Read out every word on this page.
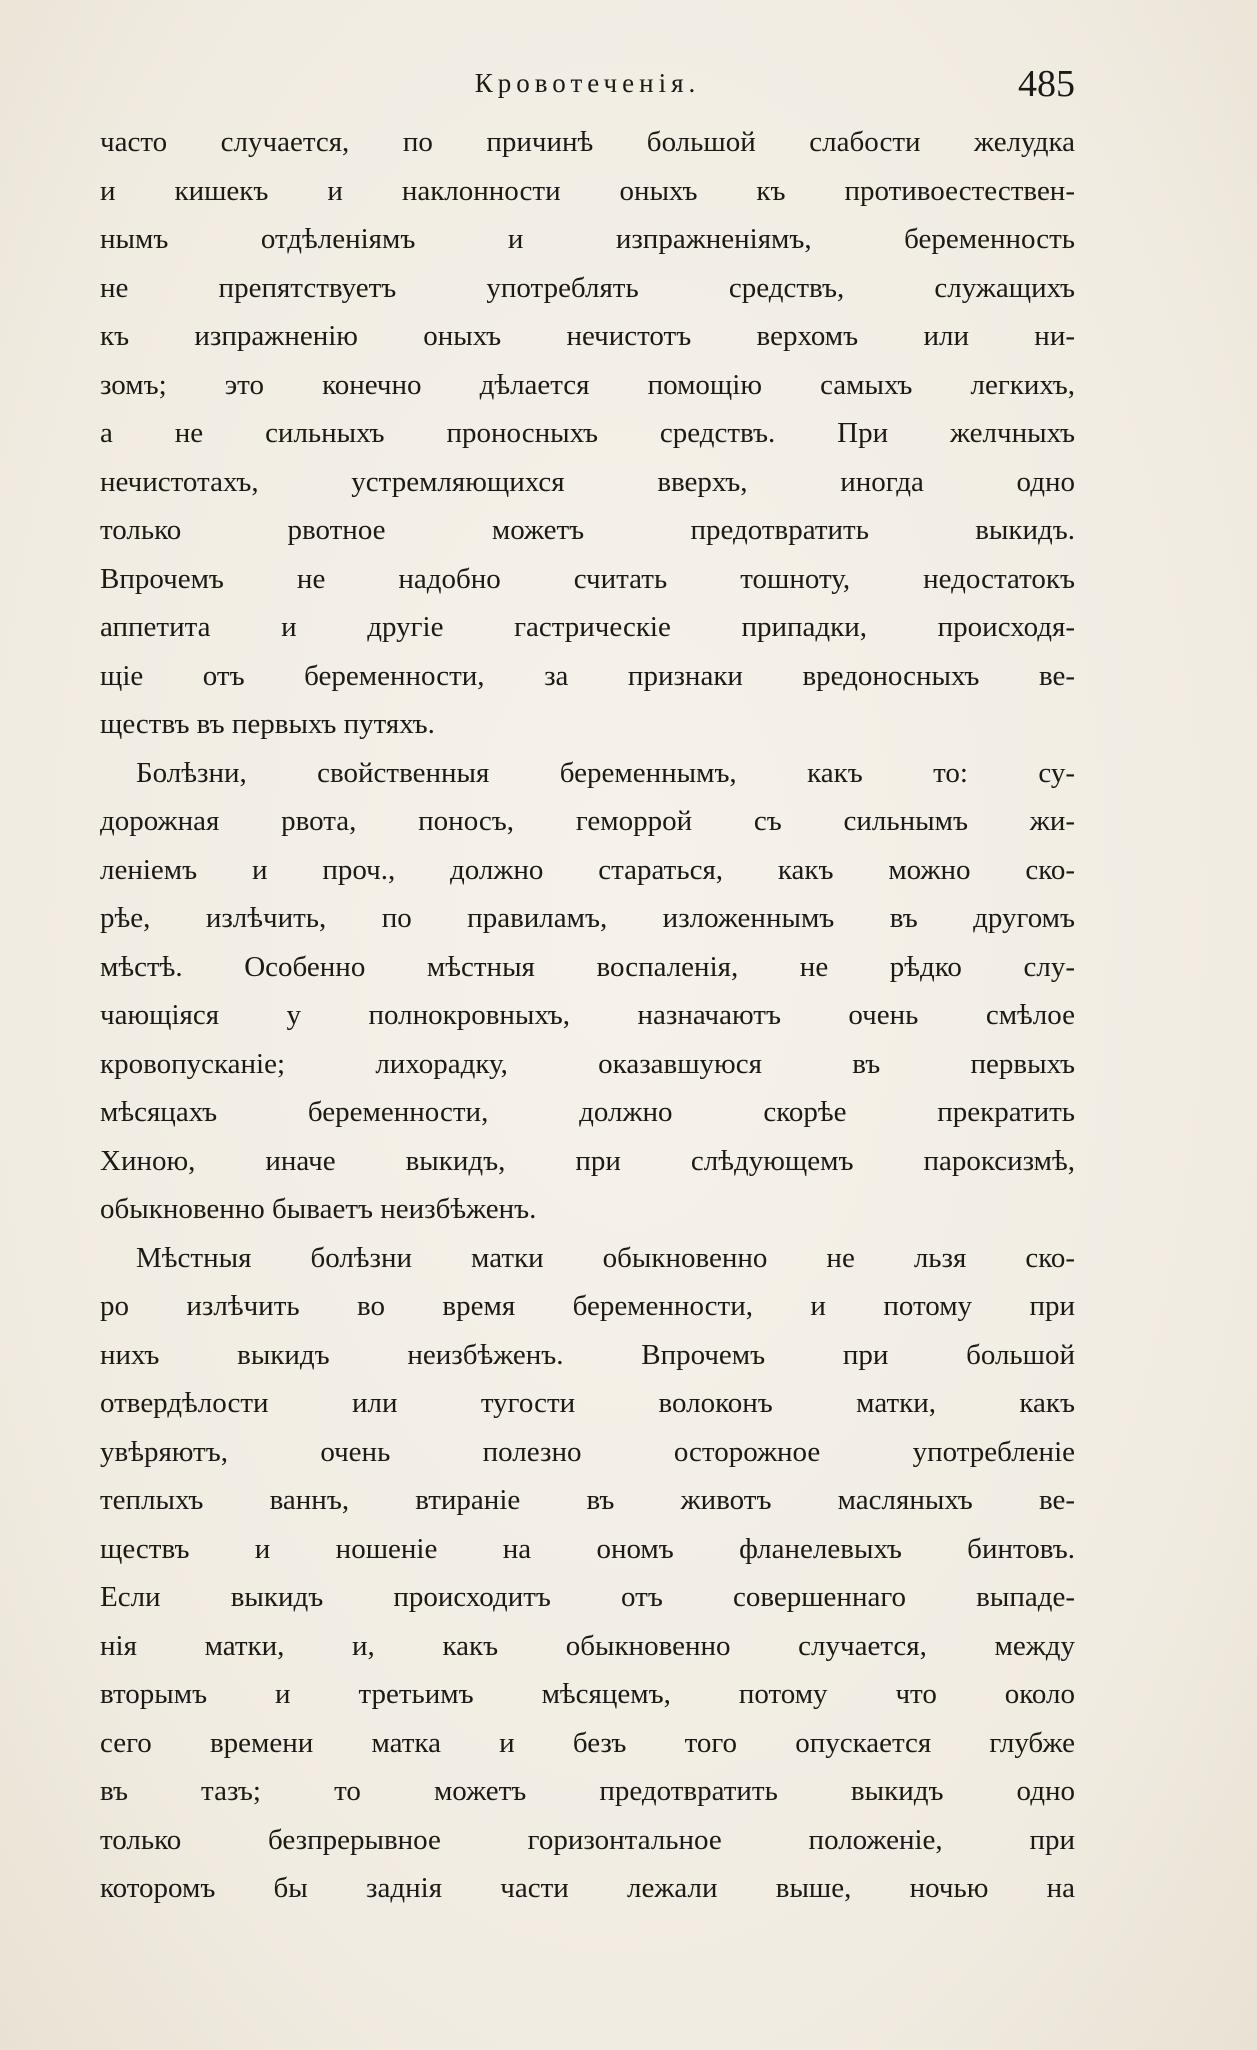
Кровотеченія.	485
часто случается, по причинѣ большой слабости желудка
и кишекъ и наклонности оныхъ къ противоестествен-
нымъ отдѣленіямъ и изпражненіямъ, беременность
не препятствуетъ употреблять средствъ, служащихъ
къ изпражненію оныхъ нечистотъ верхомъ или ни-
зомъ; это конечно дѣлается помощію самыхъ легкихъ,
а не сильныхъ проносныхъ средствъ. При желчныхъ
нечистотахъ, устремляющихся вверхъ, иногда одно
только рвотное можетъ предотвратить выкидъ.
Впрочемъ не надобно считать тошноту, недостатокъ
аппетита и другіе гастрическіе припадки, происходя-
щіе отъ беременности, за признаки вредоносныхъ ве-
ществъ въ первыхъ путяхъ.
Болѣзни, свойственныя беременнымъ, какъ то: су-
дорожная рвота, поносъ, геморрой съ сильнымъ жи-
леніемъ и проч., должно стараться, какъ можно ско-
рѣе, излѣчить, по правиламъ, изложеннымъ въ другомъ
мѣстѣ. Особенно мѣстныя воспаленія, не рѣдко слу-
чающіяся у полнокровныхъ, назначаютъ очень смѣлое
кровопусканіе; лихорадку, оказавшуюся въ первыхъ
мѣсяцахъ беременности, должно скорѣе прекратить
Хиною, иначе выкидъ, при слѣдующемъ пароксизмѣ,
обыкновенно бываетъ неизбѣженъ.
Мѣстныя болѣзни матки обыкновенно не льзя ско-
ро излѣчить во время беременности, и потому при
нихъ выкидъ неизбѣженъ. Впрочемъ при большой
отвердѣлости или тугости волоконъ матки, какъ
увѣряютъ, очень полезно осторожное употребленіе
теплыхъ ваннъ, втираніе въ животъ масляныхъ ве-
ществъ и ношеніе на ономъ фланелевыхъ бинтовъ.
Если выкидъ происходитъ отъ совершеннаго выпаде-
нія матки, и, какъ обыкновенно случается, между
вторымъ и третьимъ мѣсяцемъ, потому что около
сего времени матка и безъ того опускается глубже
въ тазъ; то можетъ предотвратить выкидъ одно
только безпрерывное горизонтальное положеніе, при
которомъ бы заднія части лежали выше, ночью на
